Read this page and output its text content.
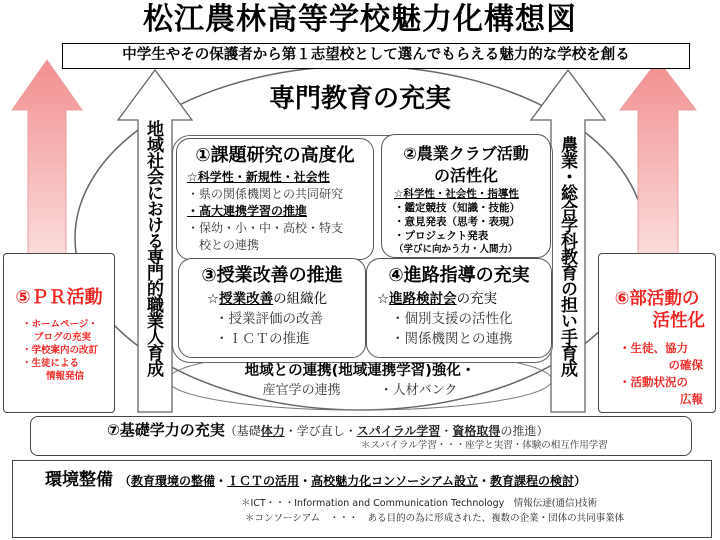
松江農林高等学校魅力化構想図
中学生やその保護者から第１志望校として選んでもらえる魅力的な学校を創る
専門教育の充実
地域社会における専門的職業人育成	農業・総合学科教育の担い手育成
①課題研究の高度化
☆科学性・新規性・社会性
・県の関係機関との共同研究
・高大連携学習の推進
・保幼・小・中・高校・特支
　校との連携
②農業クラブ活動
の活性化
☆科学性・社会性・指導性
・鑑定競技（知識・技能）
・意見発表（思考・表現）
・プロジェクト発表
（学びに向かう力・人間力）
③授業改善の推進
☆授業改善の組織化
・授業評価の改善
・ＩＣＴの推進
④進路指導の充実
☆進路検討会の充実
・個別支援の活性化
・関係機関との連携
地域との連携(地域連携学習)強化・
産官学の連携　　　・人材バンク
⑤ＰＲ活動
・ホームページ・
ブログの充実
・学校案内の改訂
・生徒による
情報発信
⑥部活動の
活性化
・生徒、協力
の確保
・活動状況の
広報
⑦基礎学力の充実（基礎体力・学び直し・スパイラル学習・資格取得の推進）
＊スパイラル学習・・・座学と実習・体験の相互作用学習
環境整備 （教育環境の整備・ＩＣＴの活用・高校魅力化コンソーシアム設立・教育課程の検討）
＊ICT・・・Information and Communication Technology　情報伝達(通信)技術
＊コンソーシアム　・・・　ある目的の為に形成された、複数の企業・団体の共同事業体
